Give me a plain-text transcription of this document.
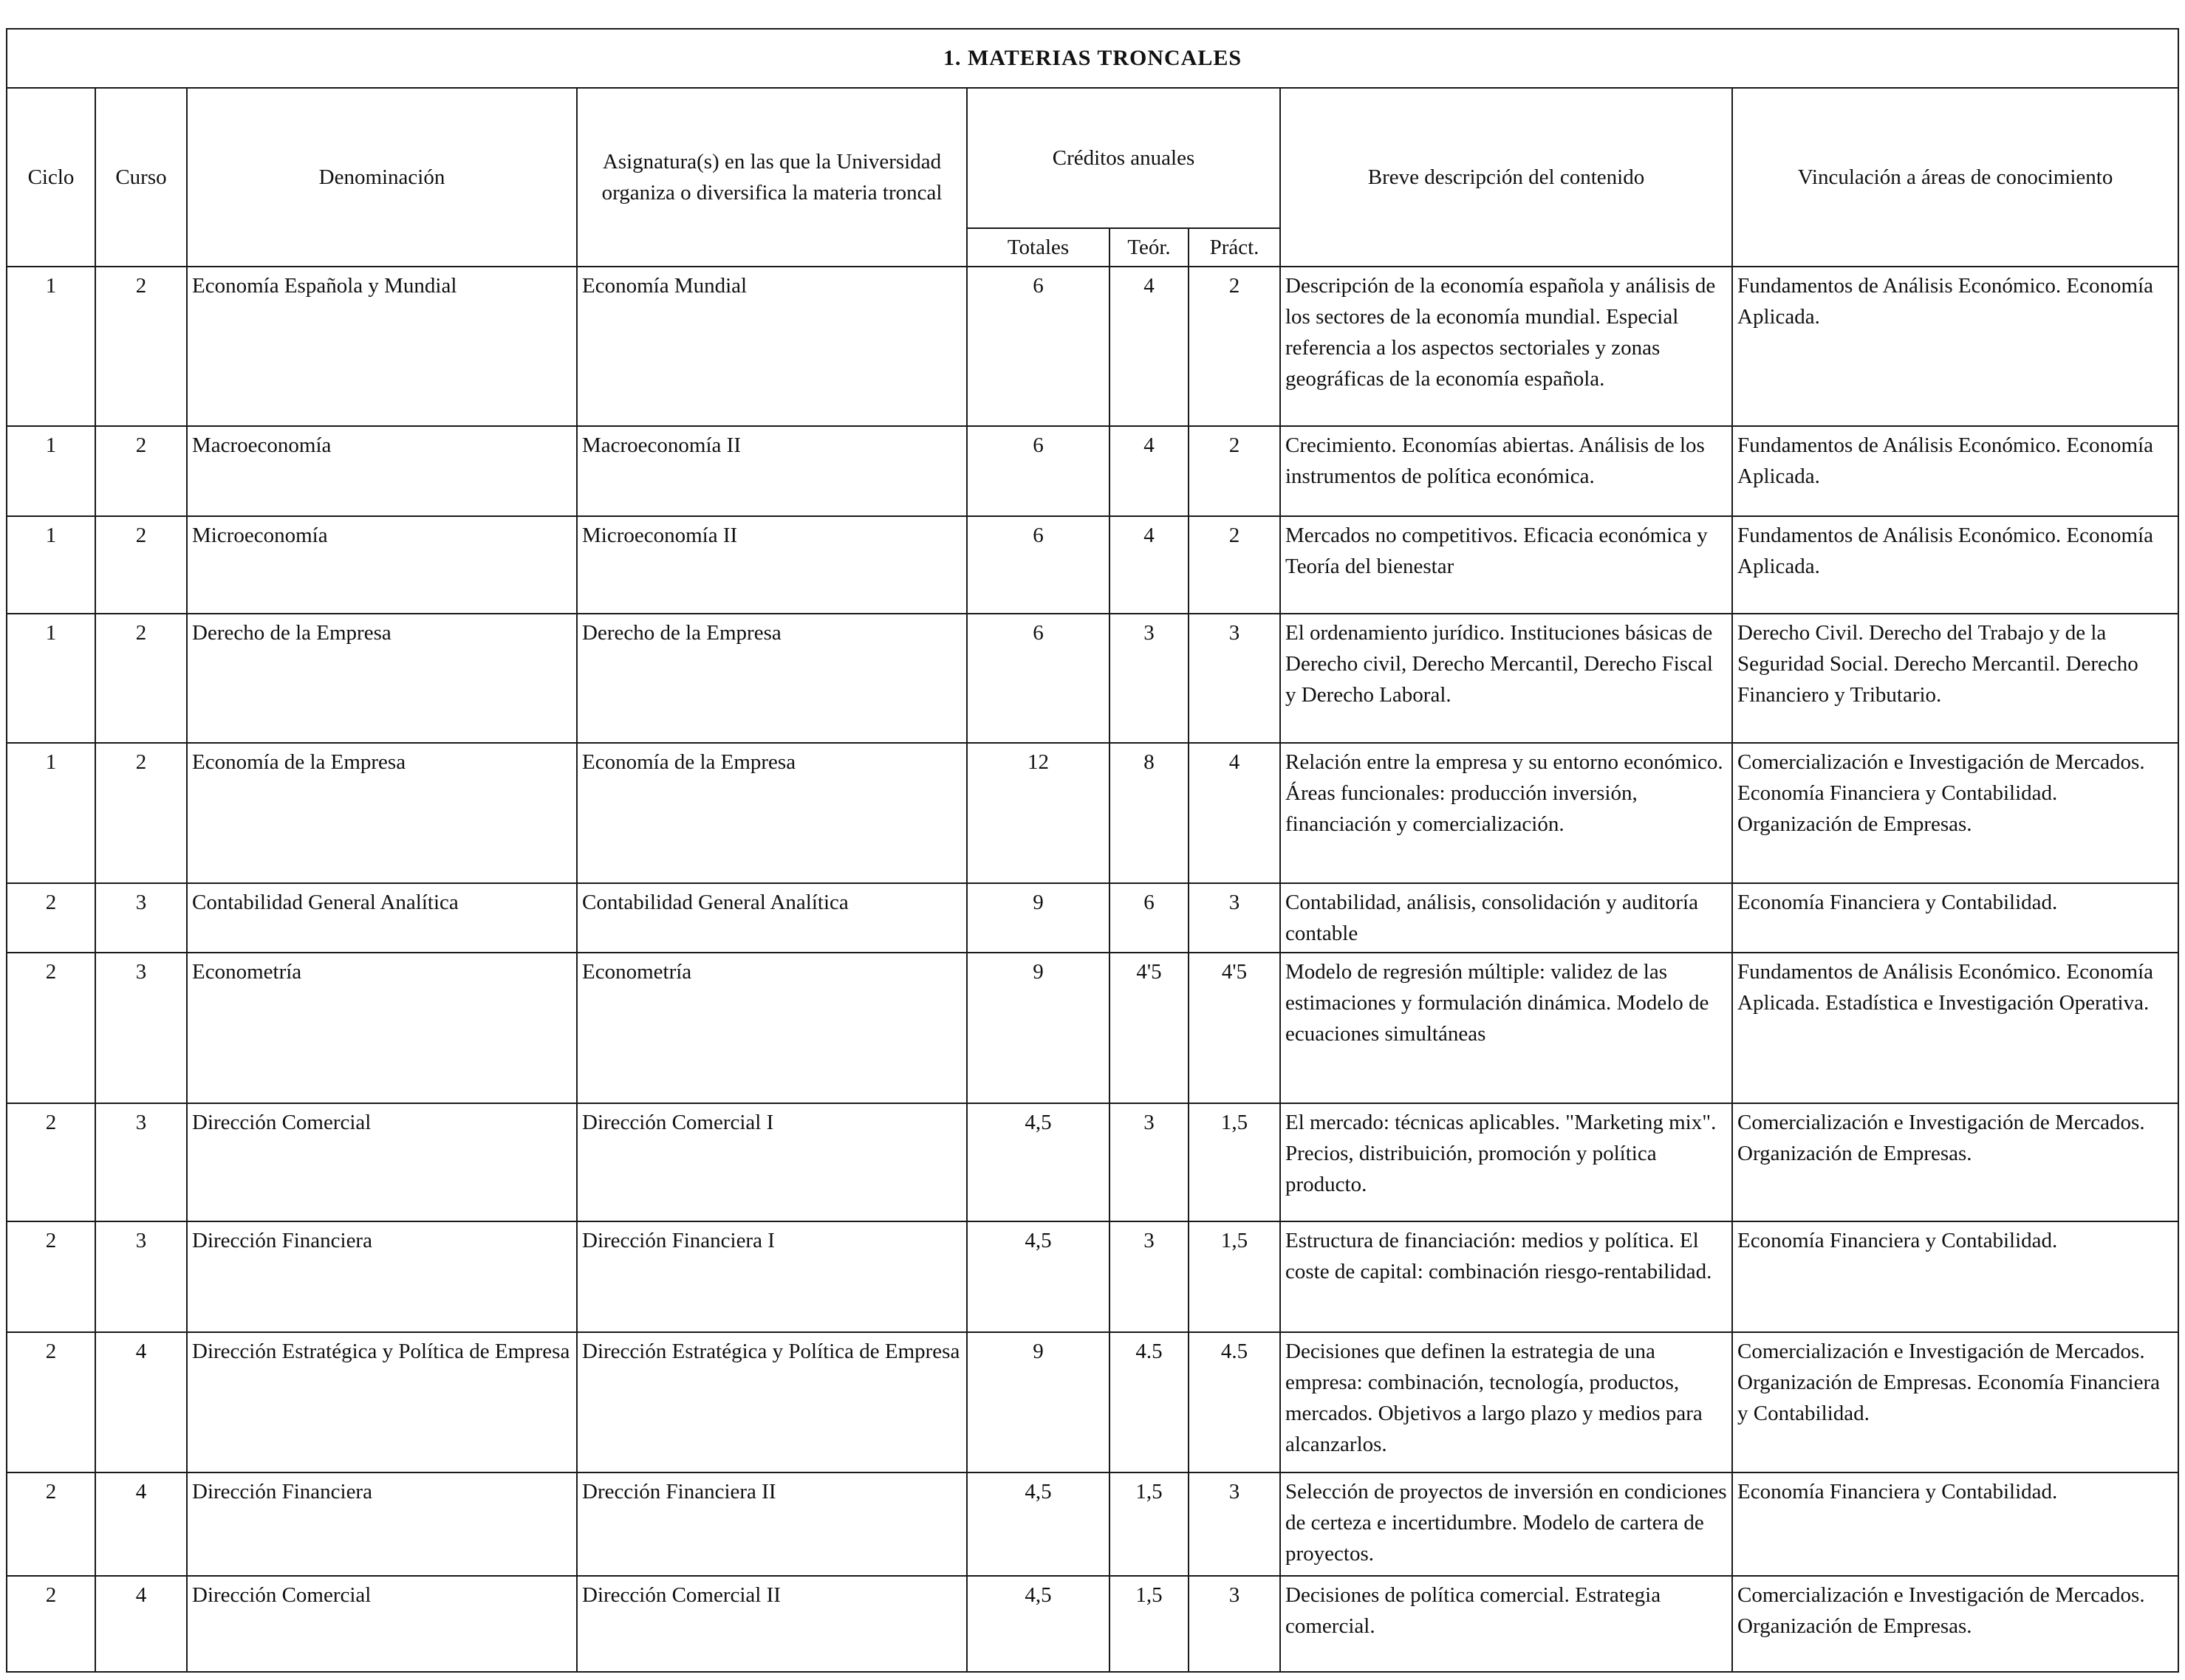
1. MATERIAS TRONCALES								
Ciclo	Curso	Denominación	Asignatura(s) en las que la Universidad organiza o diversifica la materia troncal	Créditos anuales			Breve descripción del contenido	Vinculación a áreas de conocimiento
				Totales	Teór.	Práct.		
1	2	Economía Española y Mundial	Economía Mundial	6	4	2	Descripción de la economía española y análisis de los sectores de la economía mundial. Especial referencia a los aspectos sectoriales y zonas geográficas de la economía española.	Fundamentos de Análisis Económico. Economía Aplicada.
1	2	Macroeconomía	Macroeconomía II	6	4	2	Crecimiento. Economías abiertas. Análisis de los instrumentos de política económica.	Fundamentos de Análisis Económico. Economía Aplicada.
1	2	Microeconomía	Microeconomía II	6	4	2	Mercados no competitivos. Eficacia económica y Teoría del bienestar	Fundamentos de Análisis Económico. Economía Aplicada.
1	2	Derecho de la Empresa	Derecho de la Empresa	6	3	3	El ordenamiento jurídico. Instituciones básicas de Derecho civil, Derecho Mercantil, Derecho Fiscal y Derecho Laboral.	Derecho Civil. Derecho del Trabajo y de la Seguridad Social. Derecho Mercantil. Derecho Financiero y Tributario.
1	2	Economía de la Empresa	Economía de la Empresa	12	8	4	Relación entre la empresa y su entorno económico. Áreas funcionales: producción inversión, financiación y comercialización.	Comercialización e Investigación de Mercados. Economía Financiera y Contabilidad. Organización de Empresas.
2	3	Contabilidad General Analítica	Contabilidad General Analítica	9	6	3	Contabilidad, análisis, consolidación y auditoría contable	Economía Financiera y Contabilidad.
2	3	Econometría	Econometría	9	4'5	4'5	Modelo de regresión múltiple: validez de las estimaciones y formulación dinámica. Modelo de ecuaciones simultáneas	Fundamentos de Análisis Económico. Economía Aplicada. Estadística e Investigación Operativa.
2	3	Dirección Comercial	Dirección Comercial I	4,5	3	1,5	El mercado: técnicas aplicables. "Marketing mix". Precios, distribuición, promoción y política producto.	Comercialización e Investigación de Mercados. Organización de Empresas.
2	3	Dirección Financiera	Dirección Financiera I	4,5	3	1,5	Estructura de financiación: medios y política. El coste de capital: combinación riesgo-rentabilidad.	Economía Financiera y Contabilidad.
2	4	Dirección Estratégica y Política de Empresa	Dirección Estratégica y Política de Empresa	9	4.5	4.5	Decisiones que definen la estrategia de una empresa: combinación, tecnología, productos, mercados. Objetivos a largo plazo y medios para alcanzarlos.	Comercialización e Investigación de Mercados. Organización de Empresas. Economía Financiera y Contabilidad.
2	4	Dirección Financiera	Drección Financiera II	4,5	1,5	3	Selección de proyectos de inversión en condiciones de certeza e incertidumbre. Modelo de cartera de proyectos.	Economía Financiera y Contabilidad.
2	4	Dirección Comercial	Dirección Comercial II	4,5	1,5	3	Decisiones de política comercial. Estrategia comercial.	Comercialización e Investigación de Mercados. Organización de Empresas.
